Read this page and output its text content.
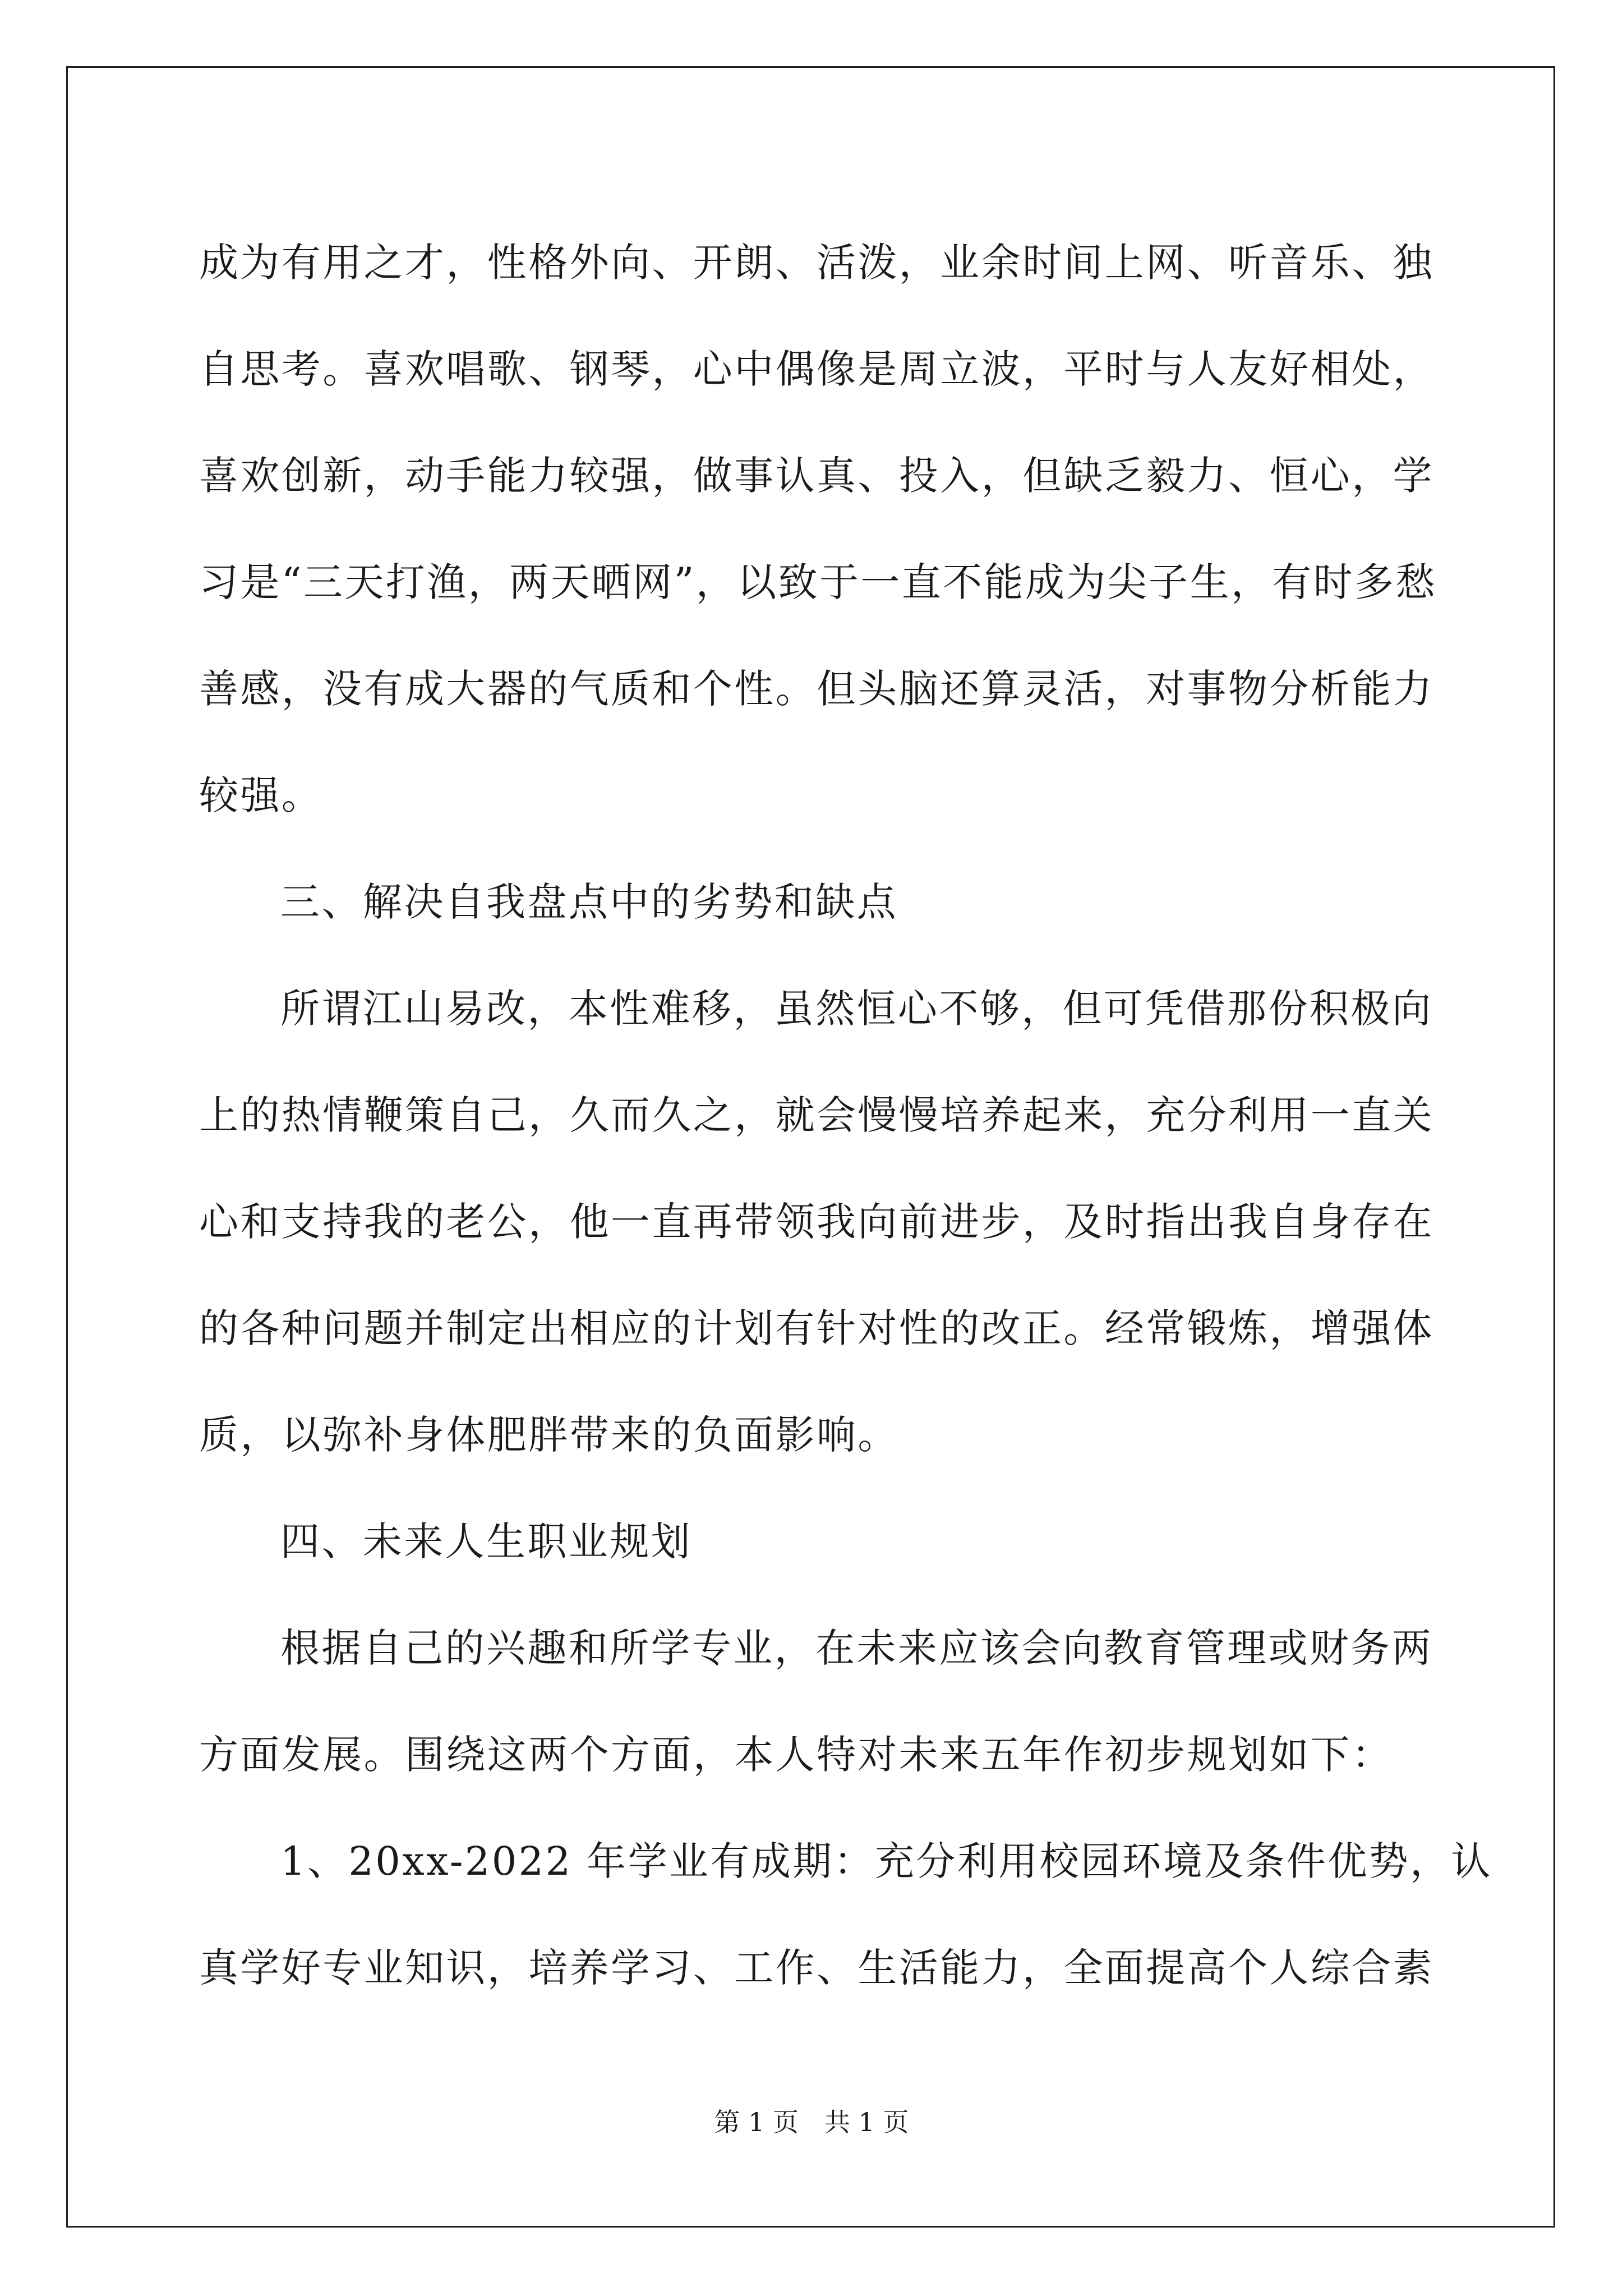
成为有用之才，性格外向、开朗、活泼，业余时间上网、听音乐、独
自思考。喜欢唱歌、钢琴，心中偶像是周立波，平时与人友好相处，
喜欢创新，动手能力较强，做事认真、投入，但缺乏毅力、恒心，学
习是“三天打渔，两天晒网”，以致于一直不能成为尖子生，有时多愁
善感，没有成大器的气质和个性。但头脑还算灵活，对事物分析能力
较强。
三、解决自我盘点中的劣势和缺点
所谓江山易改，本性难移，虽然恒心不够，但可凭借那份积极向
上的热情鞭策自己，久而久之，就会慢慢培养起来，充分利用一直关
心和支持我的老公，他一直再带领我向前进步，及时指出我自身存在
的各种问题并制定出相应的计划有针对性的改正。经常锻炼，增强体
质，以弥补身体肥胖带来的负面影响。
四、未来人生职业规划
根据自己的兴趣和所学专业，在未来应该会向教育管理或财务两
方面发展。围绕这两个方面，本人特对未来五年作初步规划如下：
1、20xx-2022 年学业有成期：充分利用校园环境及条件优势，认
真学好专业知识，培养学习、工作、生活能力，全面提高个人综合素
第 1 页　共 1 页
